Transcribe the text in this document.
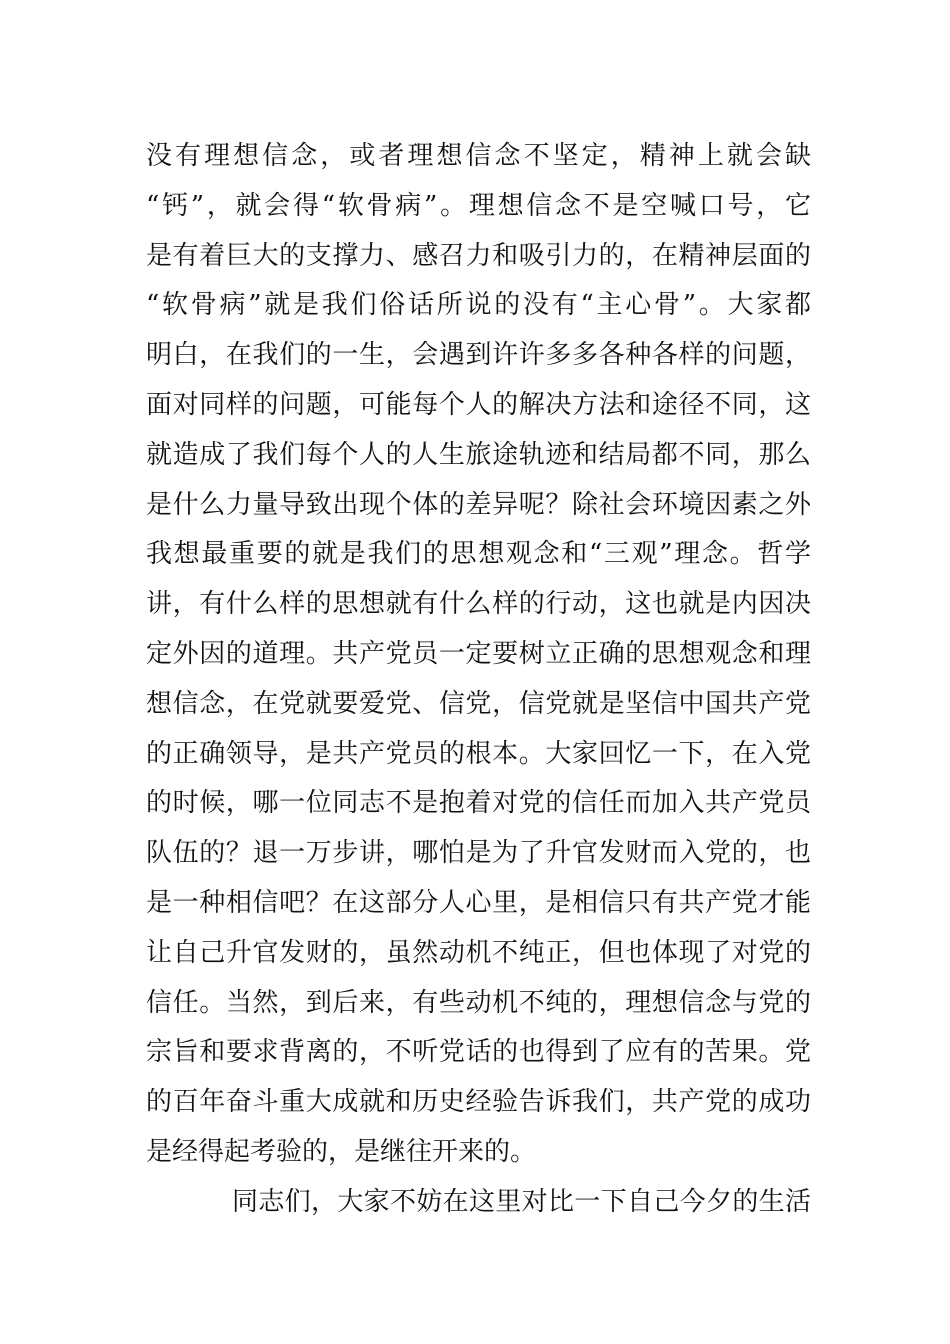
没有理想信念，或者理想信念不坚定，精神上就会缺
“钙”，就会得“软骨病”。理想信念不是空喊口号，它
是有着巨大的支撑力、感召力和吸引力的，在精神层面的
“软骨病”就是我们俗话所说的没有“主心骨”。大家都
明白，在我们的一生，会遇到许许多多各种各样的问题，
面对同样的问题，可能每个人的解决方法和途径不同，这
就造成了我们每个人的人生旅途轨迹和结局都不同，那么
是什么力量导致出现个体的差异呢？除社会环境因素之外
我想最重要的就是我们的思想观念和“三观”理念。哲学
讲，有什么样的思想就有什么样的行动，这也就是内因决
定外因的道理。共产党员一定要树立正确的思想观念和理
想信念，在党就要爱党、信党，信党就是坚信中国共产党
的正确领导，是共产党员的根本。大家回忆一下，在入党
的时候，哪一位同志不是抱着对党的信任而加入共产党员
队伍的？退一万步讲，哪怕是为了升官发财而入党的，也
是一种相信吧？在这部分人心里，是相信只有共产党才能
让自己升官发财的，虽然动机不纯正，但也体现了对党的
信任。当然，到后来，有些动机不纯的，理想信念与党的
宗旨和要求背离的，不听党话的也得到了应有的苦果。党
的百年奋斗重大成就和历史经验告诉我们，共产党的成功
是经得起考验的，是继往开来的。
同志们，大家不妨在这里对比一下自己今夕的生活
